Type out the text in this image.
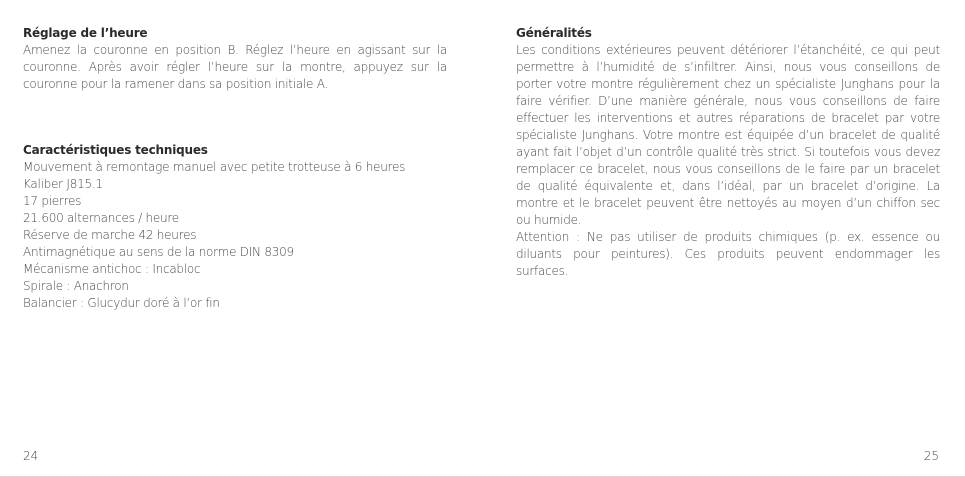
Réglage de l’heure

Amenez la couronne en position B. Réglez l’heure en agissant sur la couronne. Après avoir régler l’heure sur la montre, appuyez sur la couronne pour la ramener dans sa position initiale A.

Caractéristiques techniques
Mouvement à remontage manuel avec petite trotteuse à 6 heures
Kaliber J815.1
17 pierres
21.600 alternances / heure
Réserve de marche 42 heures
Antimagnétique au sens de la norme DIN 8309
Mécanisme antichoc : Incabloc
Spirale : Anachron
Balancier : Glucydur doré à l’or fin
24
Généralités

Les conditions extérieures peuvent détériorer l’étanchéité, ce qui peut permettre à l’humidité de s’infiltrer. Ainsi, nous vous conseillons de porter votre montre régulièrement chez un spécialiste Junghans pour la faire vérifier. D’une manière générale, nous vous conseillons de faire effectuer les interventions et autres réparations de bracelet par votre spécialiste Junghans. Votre montre est équipée d’un bracelet de qualité ayant fait l’objet d’un contrôle qualité très strict. Si toutefois vous devez remplacer ce bracelet, nous vous conseillons de le faire par un bracelet de qualité équivalente et, dans l’idéal, par un bracelet d’origine. La montre et le bracelet peuvent être nettoyés au moyen d’un chiffon sec ou humide.

Attention : Ne pas utiliser de produits chimiques (p. ex. essence ou diluants pour peintures). Ces produits peuvent endommager les surfaces.

25
